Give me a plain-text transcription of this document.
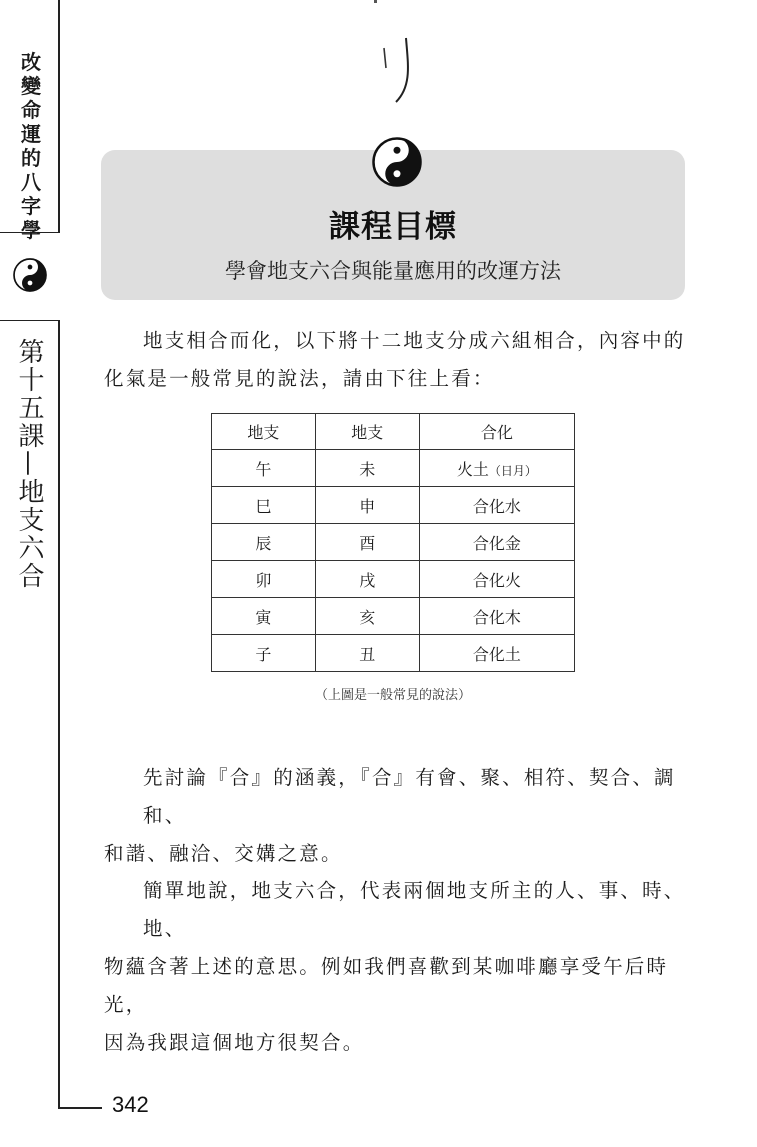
改變命運的八字學
第十五課—地支六合
課程目標
學會地支六合與能量應用的改運方法
地支相合而化，以下將十二地支分成六組相合，內容中的
化氣是一般常見的說法，請由下往上看：
地支	地支	合化
午	未	火土（日月）
巳	申	合化水
辰	酉	合化金
卯	戌	合化火
寅	亥	合化木
子	丑	合化土
（上圖是一般常見的說法）
先討論『合』的涵義，『合』有會、聚、相符、契合、調和、
和諧、融洽、交媾之意。
簡單地說，地支六合，代表兩個地支所主的人、事、時、地、
物蘊含著上述的意思。例如我們喜歡到某咖啡廳享受午后時光，
因為我跟這個地方很契合。
342
